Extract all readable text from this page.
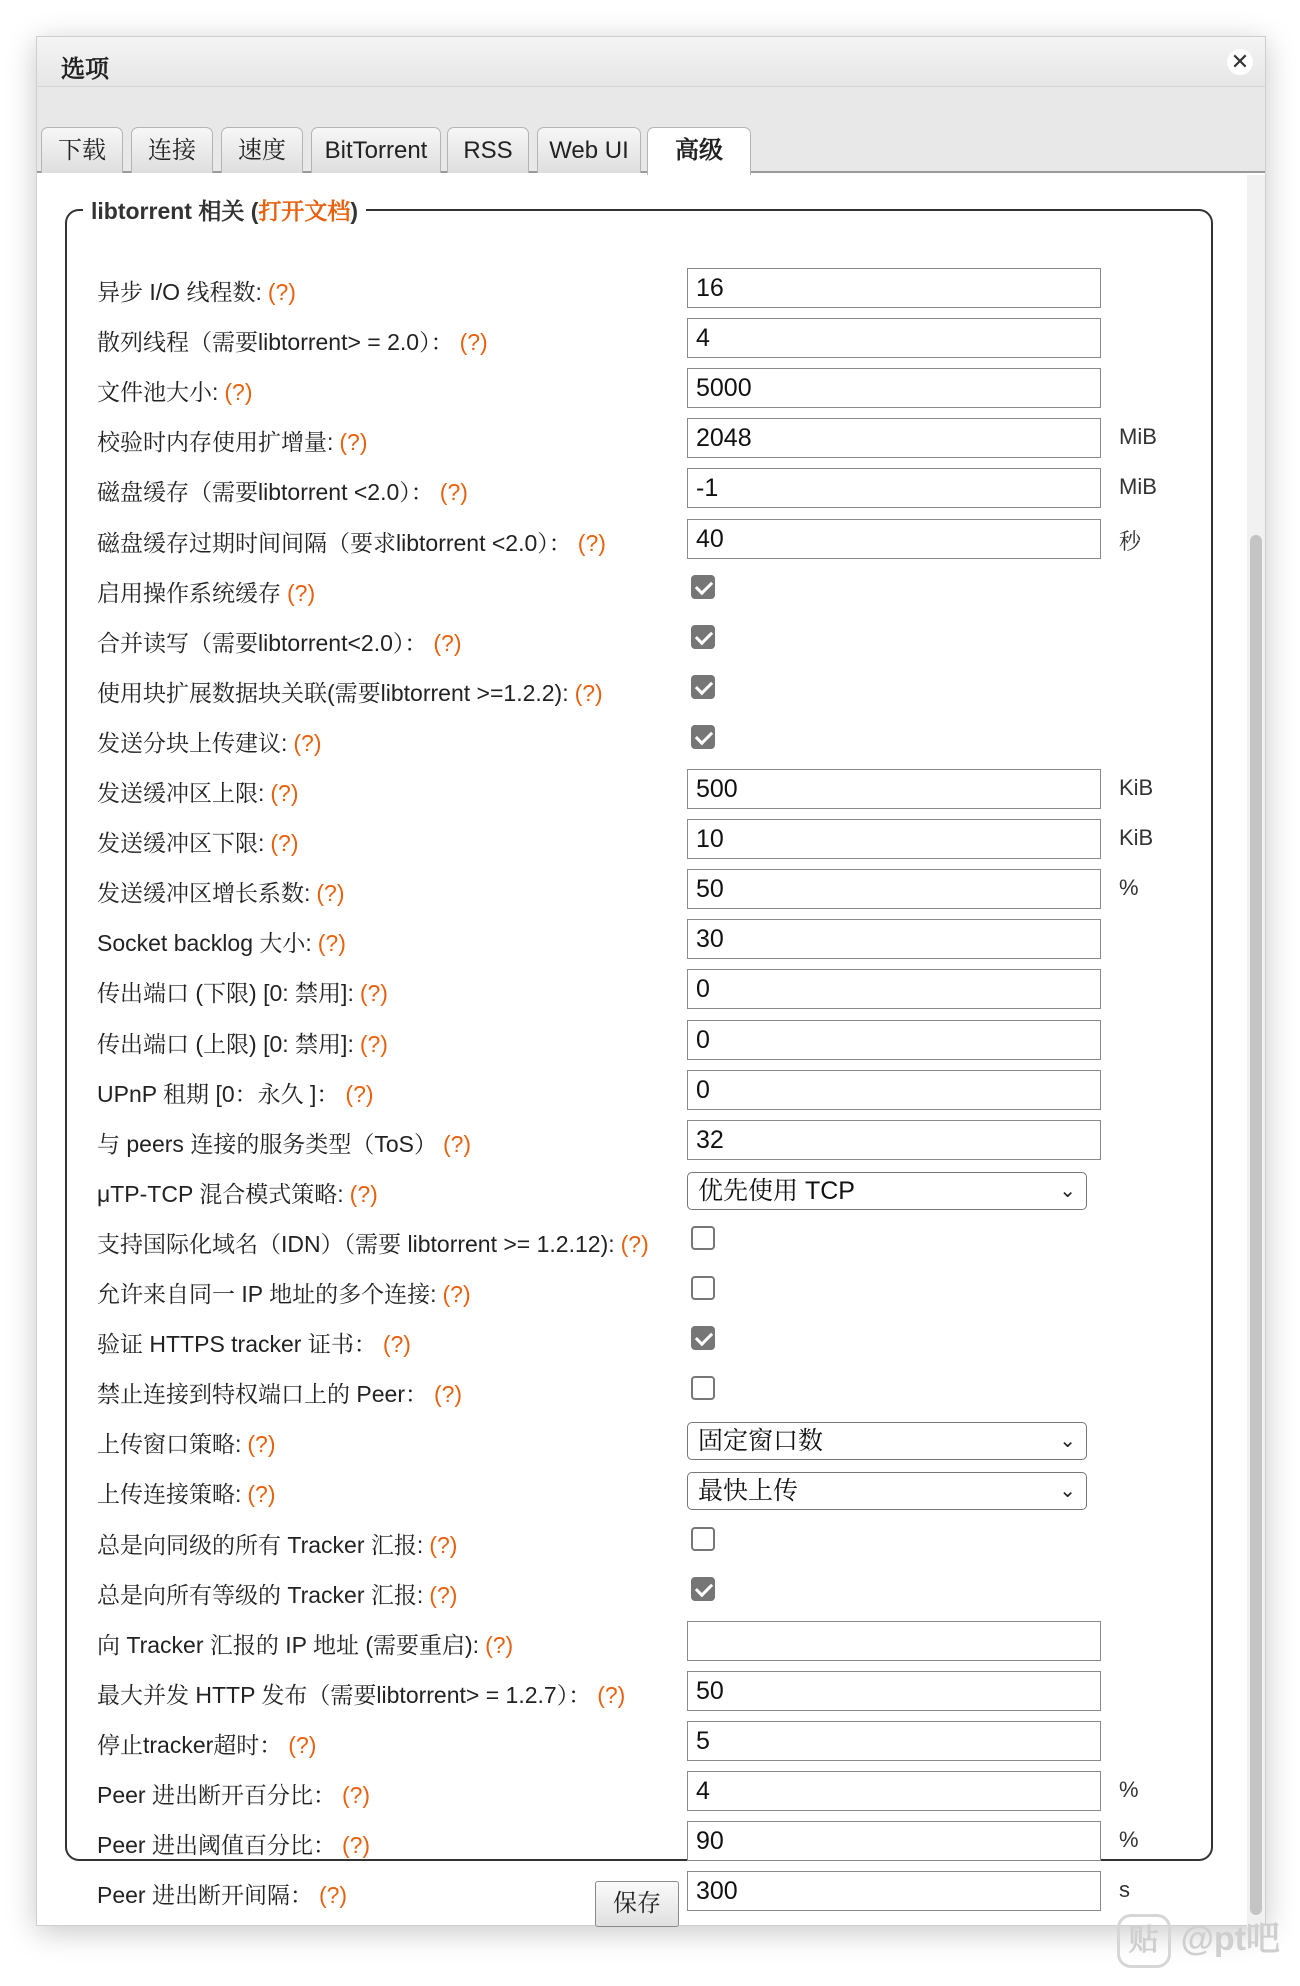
选项	✕
下载	连接	速度	BitTorrent	RSS	Web UI	高级
libtorrent 相关 (打开文档)
异步 I/O 线程数: (?)	16
散列线程（需要libtorrent> = 2.0）： (?)	4
文件池大小: (?)	5000
校验时内存使用扩增量: (?)	2048	MiB
磁盘缓存（需要libtorrent <2.0）： (?)	-1	MiB
磁盘缓存过期时间间隔（要求libtorrent <2.0）： (?)	40	秒
启用操作系统缓存 (?)
合并读写（需要libtorrent<2.0）： (?)
使用块扩展数据块关联(需要libtorrent >=1.2.2): (?)
发送分块上传建议: (?)
发送缓冲区上限: (?)	500	KiB
发送缓冲区下限: (?)	10	KiB
发送缓冲区增长系数: (?)	50	%
Socket backlog 大小: (?)	30
传出端口 (下限) [0: 禁用]: (?)	0
传出端口 (上限) [0: 禁用]: (?)	0
UPnP 租期 [0：永久 ]： (?)	0
与 peers 连接的服务类型（ToS） (?)	32
μTP-TCP 混合模式策略: (?)	优先使用 TCP	⌄
支持国际化域名（IDN）（需要 libtorrent >= 1.2.12): (?)
允许来自同一 IP 地址的多个连接: (?)
验证 HTTPS tracker 证书： (?)
禁止连接到特权端口上的 Peer： (?)
上传窗口策略: (?)	固定窗口数	⌄
上传连接策略: (?)	最快上传	⌄
总是向同级的所有 Tracker 汇报: (?)
总是向所有等级的 Tracker 汇报: (?)
向 Tracker 汇报的 IP 地址 (需要重启): (?)
最大并发 HTTP 发布（需要libtorrent> = 1.2.7）： (?)	50
停止tracker超时： (?)	5
Peer 进出断开百分比： (?)	4	%
Peer 进出阈值百分比： (?)	90	%
Peer 进出断开间隔： (?)	300	s
保存
贴 @pt吧
